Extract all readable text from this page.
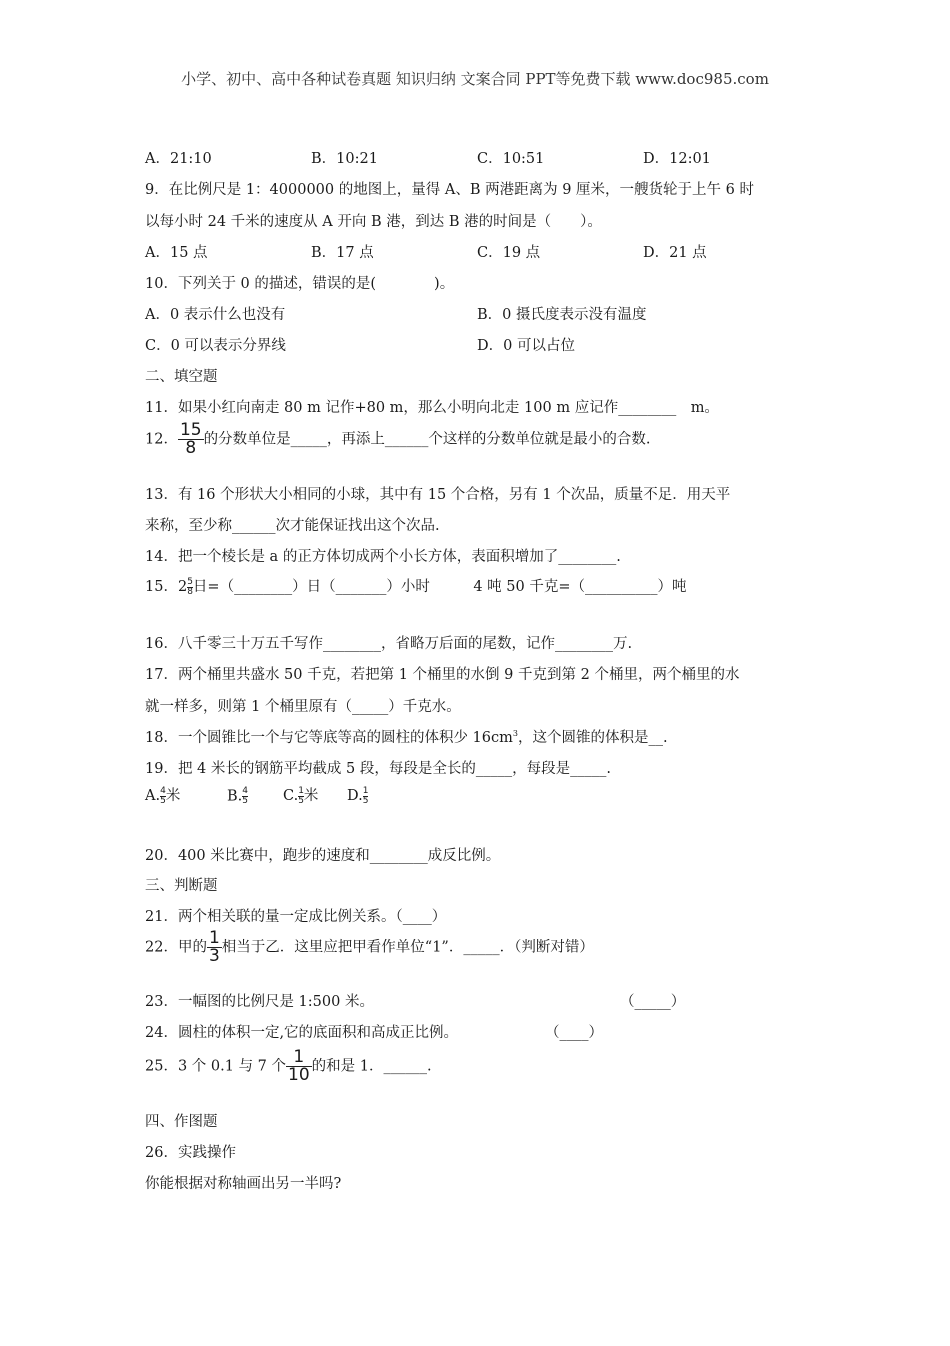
小学、初中、高中各种试卷真题 知识归纳 文案合同 PPT等免费下载 www.doc985.com
A．21:10	B．10:21	C．10:51	D．12:01
9．在比例尺是 1：4000000 的地图上，量得 A、B 两港距离为 9 厘米，一艘货轮于上午 6 时
以每小时 24 千米的速度从 A 开向 B 港，到达 B 港的时间是（　　）。
A．15 点	B．17 点	C．19 点	D．21 点
10．下列关于 0 的描述，错误的是(　　　　)。
A．0 表示什么也没有	B．0 摄氏度表示没有温度
C．0 可以表示分界线	D．0 可以占位
二、填空题
11．如果小红向南走 80 m 记作+80 m，那么小明向北走 100 m 应记作________　m。
12． $\frac{15}{8}$ 的分数单位是_____，再添上______个这样的分数单位就是最小的合数.
13．有 16 个形状大小相同的小球，其中有 15 个合格，另有 1 个次品，质量不足．用天平
来称，至少称______次才能保证找出这个次品.
14．把一个棱长是 a 的正方体切成两个小长方体，表面积增加了________.
15．$2 \frac{5}{8}$ 日=（________）日（_______）小时　　　4 吨 50 千克=（__________）吨
16．八千零三十万五千写作________，省略万后面的尾数，记作________万.
17．两个桶里共盛水 50 千克，若把第 1 个桶里的水倒 9 千克到第 2 个桶里，两个桶里的水
就一样多，则第 1 个桶里原有（_____）千克水。
18．一个圆锥比一个与它等底等高的圆柱的体积少 $16cm^3$，这个圆锥的体积是__.
19．把 4 米长的钢筋平均截成 5 段，每段是全长的_____，每段是_____.
A. $\frac{4}{5}$ 米	B. $\frac{4}{5} C$. $\frac{1}{5}$ 米 D. $\frac{1}{5}$
20．400 米比赛中，跑步的速度和________成反比例。
三、判断题
21．两个相关联的量一定成比例关系。（____）
22．甲的 $\frac{1}{3}$ 相当于乙．这里应把甲看作单位“1”．_____．（判断对错）
23．一幅图的比例尺是 1:500 米。	（_____）
24．圆柱的体积一定,它的底面积和高成正比例。	（____）
25．3 个 0.1 与 7 个 $\frac{1}{10}$ 的和是 1．______.
四、作图题
26．实践操作
你能根据对称轴画出另一半吗?
